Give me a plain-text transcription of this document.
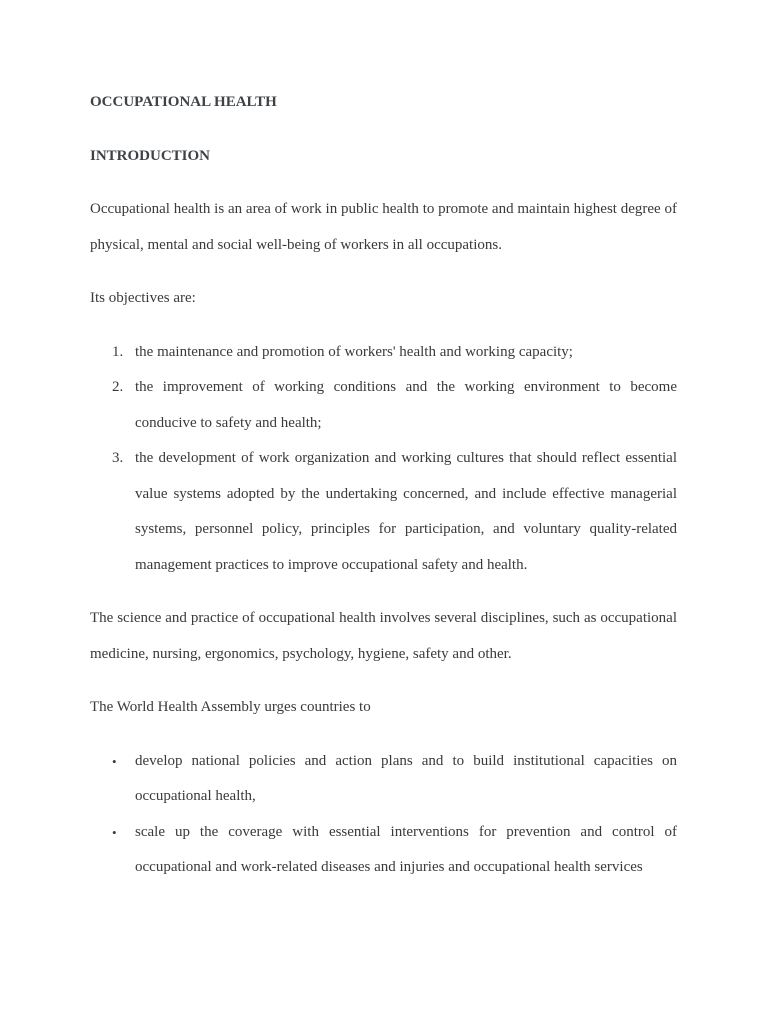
OCCUPATIONAL HEALTH
INTRODUCTION

Occupational health is an area of work in public health to promote and maintain highest degree of physical, mental and social well-being of workers in all occupations.

Its objectives are:

1. the maintenance and promotion of workers' health and working capacity;
2. the improvement of working conditions and the working environment to become conducive to safety and health;
3. the development of work organization and working cultures that should reflect essential value systems adopted by the undertaking concerned, and include effective managerial systems, personnel policy, principles for participation, and voluntary quality-related management practices to improve occupational safety and health.

The science and practice of occupational health involves several disciplines, such as occupational medicine, nursing, ergonomics, psychology, hygiene, safety and other.

The World Health Assembly urges countries to

• develop national policies and action plans and to build institutional capacities on occupational health,
• scale up the coverage with essential interventions for prevention and control of occupational and work-related diseases and injuries and occupational health services
